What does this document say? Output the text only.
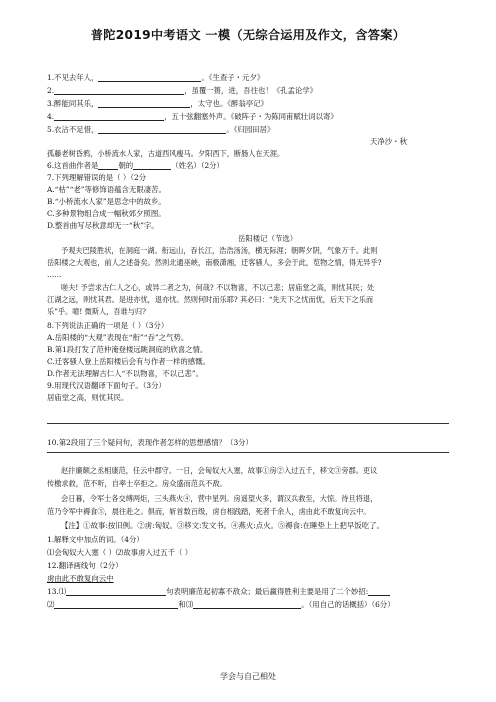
普陀2019中考语文 一模（无综合运用及作文，含答案）
1.不见去年人，	。《生查子・元夕》
2.	，虽覆一篑，进，吾往也！《孔孟论学》
3.醉能同其乐，	，太守也。《醉翁亭记》
4.	，五十弦翻塞外声。《破阵子・为陈同甫赋壮词以寄》
5.衣沾不足惜，	。《归园田居》
天净沙・秋
孤藤老树昏鸦，小桥流水人家，古道西风瘦马。夕阳西下，断肠人在天涯。
6.这首曲作者是	朝的	（姓名）（2分）
7.下列理解错误的是（ ）（2分
A.“枯”“老”等修饰语蕴含无限凄苦。
B.“小桥流水人家”是思念中的故乡。
C.多种景物组合成一幅秋郊夕照图。
D.整首曲写尽秋意却无一“秋”字。
岳阳楼记（节选）
予观夫巴陵胜状，在洞庭一湖。衔远山，吞长江，浩浩汤汤，横无际涯；朝晖夕阴，气象万千。此则
岳阳楼之大观也，前人之述备矣。然则北通巫峡，南极潇湘，迁客骚人，多会于此，览物之情，得无异乎?
……
嗟夫! 予尝求古仁人之心，或异二者之为，何哉? 不以物喜，不以己悲；居庙堂之高，则忧其民；处
江湖之远，则忧其君。是进亦忧，退亦忧。然则何时而乐耶? 其必曰：“先天下之忧而忧，后天下之乐而
乐”乎。噫! 微斯人，吾谁与归?
8.下列说法正确的一项是（ ）（3分）
A.岳阳楼的“大观”表现在“衔”“吞”之气势。
B.第1段打发了范仲淹登楼远眺洞庭的欣喜之情。
C.迁客骚人登上岳阳楼后会有与作者一样的感慨。
D.作者无法理解古仁人“不以物喜，不以己悲”。
9.用现代汉语翻译下面句子。（3分）
居庙堂之高，则忧其民。
10.第2段用了三个疑问句，表现作者怎样的思想感情？（3分）
赵抃廉颇之丞相康范，任云中郡守。一日，会匈奴大入塞，故事①房②入过五千，移文③旁郡。吏议
传檄求救，范不听，自率士卒拒之。房众盛而范兵不敌。
会日暮，令军士各交缚两炬，三头燕火④，营中星列。房遥望火多，谓汉兵救至，大惊。待旦将退，
范乃令军中褥食⑤，晨往赴之。俱而，斩首数百级，虏自相践踏，死者千余人，虏由此不敢复向云中。
【注】①故事:按旧例。②虏:匈奴。③移文:发文书。④燕火:点火。⑤褥食:在睡垫上上把早饭吃了。
1.解释文中加点的词。（4分）
⑴会匈奴大入塞（ ）⑵故事虏入过五千（ ）
12.翻译画线句（2分）
虏由此不敢复向云中
13.⑴	句表明廉范起初寡不敌众；最后赢得胜利主要是用了二个妙招:
⑵	和⑶	。（用自己的话概括）（6分）
学会与自己相处
